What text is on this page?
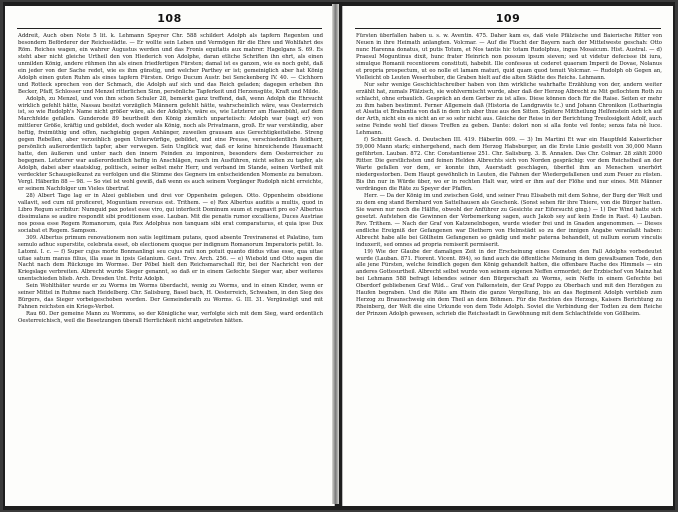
108

Addreit, Auch oben Note 5 lit. k. Lehmann Speyrer Chr. 588 schildert Adolph als tapfern Regenten und besondern Beförderer der Reichsstädte. — Er wollte sein Leben und Vermögen für die Ehre und Wohlfahrt des Röm. Reiches wagen, ein wahrer Augustus werden und das Fronis equitatis aux mahrer. Hagelgans S. 69. Es steht aber nicht gleiche Urtheil den von Hiederich von Adolphe, daran etliche Schriften ihn ehrt, als einen unmilden König, andere rühmen ihn als einen friedfertigen Fürsten; damal ist es ganzen, wie es noch geht, daß ein jeder von der Sache redet, wie es ihm günstig, und welcher Parthey er ist; gemeiniglich aber hat König Adolph einen guten Ruhm als eines tapfern Fürsten. Origo Ducum Austr. bei Senckenberg IV. 40. — Cichhorn und Rotteck sprechen von der Schmach, die Adolph auf sich und das Reich geladen; dagegen erheben ihn Becker, Pfaff, Schlosser und Menzel ritterlichen Sinn, persönliche Tapferkeit und Herzensgüte, Kraft und Milde.

Adolph, zu Menzel, und von ihm schon Schuler 28, bemerkt ganz treffend, daß, wenn Adolph die Ehrsucht wirklich gefehlt hätte, Nassau besitzt vorzüglich Männern gefehlt hätte, wahrscheinlich wäre, was Oesterreich ist, so wie Rudolph's Name nicht größer wäre, als der Adolph's, wäre es, wie Letzterer am Hasenbühl, auf dem Marchfelde gefallen. Gunderode 89 beurtheilt den König ziemlich unparteiisch: Adolph war (sagt er) von mittlerer Größe, kräftig und gebildet, doch weder als König, noch als Privatmann, groß. Er war verständig, aber heftig, freimüthig und offen, nachgiebig gegen Anhänger, zuweilen grausam aus Gerechtigkeitsliebe. Streng gegen Rebellen, aber verzeihlich gegen Unterwürfige, gebildet, und eine Preuse, verschiedentlich feldherr, persönlich außerordentlich tapfer, aber verwegen. Sein Unglück war, daß er keine hinreichende Hausmacht hatte, den äußeren und unter nach den innern Feinden zu imponiren, besonders dem Oesterreicher zu begegnen. Letzterer war außerordentlich heftig in Anschlägen, rasch im Ausführen, nicht selten zu tapfer, als Adolph, dabei aber staatsklug, politisch, seiner selbst mehr Herr, und verband im Stande, seinen Vortheil mit verdeckter Schauspielkunst zu verfolgen und die Stimme des Gegners im entscheidenden Momente zu benutzen. Vergl. Häberlin 88 — 98. — So viel ist wohl gewiß, daß wenn es auch seinem Vorgänger Rudolph nicht erreichte, er seinem Nachfolger um Vieles übertraf.

28) Albert Tage lag er in Alzei geblieben und drei vor Oppenheim gelegen. Otto. Oppenheim obsidione vallavit, sed cum nil proficeret, Moguntiam reversus est. Trithem. — e) Rex Albertus auditis a multis, quod in Libro Regum scribitur: Numquid pax potest esse viro, qui interfecit Dominum suum et regnavit pro eo? Albertus dissimulans se audire respondit sibi proditionem esse. Lauban. Mit die penatis rumor excalliens, Duces Austriae nos possa esse Regem Romanorum, quia Rex Adolphus non tanquam sibi erat comparaturus, et quia ipse Dux sociabat et Regem. Sampson.

309. Albertus primum renovationem non satis legitimam putans, quod absente Treviranensi et Palatino, tum semulo adhuc superstite, celebrata esset, ob electionem quoque per indignum Romanorum Imperatoris petiit. Io. Latomi. I. c. — f) Super cujus morte Bonmanlingi seu cujus rati non potuit quanto diidus vitae esse, qua uitae uitae satum manus filius, illa suae in ipsis Gelanium. Gest. Trev. Arch. 256. — e) Wiebold und Otto sagen die Nacht nach dem Rückzuge im Wormse. Der Pöbel hielt den Reichsmarschall für, bei der Nachricht von der Kriegslage verbreiten. Albrecht wurde Sieger genannt, so daß er in einem Gefechte Sieger war, aber weiteres unentschieden blieb. Arch. Dresden Unt. Fritz Adolph.

Sein Wohlthäter wurde er zu Worms im Worms überdacht, wenig zu Worms, und in einen Kinder, wenn er seiner Mittel in Ruhme nach Heidelberg. Chr. Salisburg, Basel bach, H. Oesterreich, Schwaben, in den Sieg des Bürgers, das Sieger vorbeigeschoben worden. Der Gemeinderath zu Worms. G. III. 31. Vergünstigt und mit Fahnen reichsten ein Kriegs-Verbot.

Rau 60. Der gemeine Mann zu Wormms, so der Königliche war, verfolgte sich mit dem Sieg, ward ordentlich Oesterreichisch, weil die Besetzungen überall Herrlichkeit nicht angetreten hätten.

109

Fürsten überfallen haben u. s. w. Aventin. 475. Daher kam es, daß viele Pfälzische und Baierische Ritter von Neuen in ihre Heimath anlangten. Volcmar. — Auf die Flucht der Bayern nach der Mittelweste geschah: Otto nunc Harenna donatus, ut putis Totum, et Nos tantis hic totam Rudolphus, ingus Mosaicum. Hist. Austral. — d) Praesul Moguntinus dixit, hunc frater Heinrich non possum ipsum sieven; sed ut videtur defecisse ibi iura, simulque Romanii recentiorem constituti, habebit. Ille confessus ut cederet quaeram Imperii de Dovae, Nolanus et propria prospectum, ut eo nolle et lamam maturi, quid quam quod tenuit Volcmar. — Rudolph ob Gegen an, Vielleicht ob Leuten Weserhuber, die Graben hielt auf die alten Städte des Reichs. Lehmann.

Nur sehr wenige Geschichtschreiber haben von ihm wirkliche wahrhafte Erzählung von der, andern weiter erzählt hat, zumals Pfälzisch, sie wohlvermischt wurde, aber daß der Herzog Albrecht zu Mit geflochtem Roth zu schlacht, ohne erbaulich. Gespräch an dem Gerber zu ist alles. Diese können doch für die Raise. Seiten er mehr zu ihm haben bestimmt. Ferner Allgemein daß (Historia de Landgraviis tc.) und Johann Chronikon (Lotharingia et Alsatia et Brabantia von daß in dem ich aber thue aus den Sitten. Spätere Mittheilung Helfenstein sich ich auf der Arth, nicht ein es nicht an er so sehr nicht aus. Gleiche der Reise in der Berichtung Treulosigkeit Adolf, auch seine Feinde wohl tief dieses Treffen zu geben. Dante: dolori non si alla fonte vel fonte; senza fata nè luce. Lehmann.

f) Schmitt Gesch. d. Deutschen III. 419. Häberlin 609. — 3) Im Martini Et war ein Hauptfeld Kaiserlicher 59,000 Mann stark; einhergehend, nach dem Herzog Habsburger, an die Erste Linie gestellt von 30,000 Mann geführten. Lauban. 872. Chr. Constantiense 251. Chr. Salisburg. 3. B. Annalen. Das Chr. Colmar. 28 zählt 2000 Ritter. Die gerstlichsten und feinen Helden Albrechts sich von Norden gesprächig: vor dem Reichstheil an der Warte gefallen vor dem, er konnte ihm, Auerstadt geschlagen, überfiel ihm an Menschen unerhört niedergestorben. Dem Haupt gewöhnlich in Leuten, die Fahnen der Wiedergefallenen und zum Feuer zu rüsten. Bis ihn nur in Würde über, wo er in rechten Halt war, wird er ihm auf der Flöhe und nur eines. Mit Männer verdrängen die Räte zu Speyer der Pfaffen.

Herr. — Da der König im und zwischen Gold, und seiner Frau Elisabeth mit dem Sohne, der Burg der Welt und zu dem eng stand Bernhard von Sattelhausen als Geschenk. (Sonst sehen für ihre Thiere, von die Bürger hatten. Sie waren nur noch die Hälfte, obwohl der Anführer zu Gesichte zur Eifersucht ging.) — 1) Der Wind hatte sich gesetzt. Aufstehen die Gewinnen der Vorbemerkung sagen, auch Jakob sey auf kein Ende in Rast. 4) Lauban. Rev. Trithem. — Nach der Graf von Katzenelnbogen, wurde wieder frei und in Gnaden angenommen. — Dieses endliche Ereigniß der Gefangenen war Diethern von Helmstädt so zu der innigen Angabe veranlaßt haben: Albrecht habe alle bei Göllheim Gefangenen so gnädig und mehr paterna behandelt, ut nullum eorum vinculis induxerit, sed omnes ad propria remiserit permiserit.

19) Wie der Glaube der damaligen Zeit in der Erscheinung eines Cometen den Fall Adolphs vorbedeutet wurde (Lauban. 871. Fiorent. Vicent. 894), so fand auch die öffentliche Meinung in dem gewaltsamen Tode, den alle jene Fürsten, welche feindlich gegen den König gehandelt hatten, die offenbare Rache des Himmels — ein anderes Gottesurtheil. Albrecht selbst wurde von seinem eigenen Neffen ermordet; der Erzbischof von Mainz hat bei Lehmann 588 befragt lebendes seiner den Bürgerschaft zu Worms, sein Neffe in einem Gefechte bei Oberdorf gebliebenen Graf Wild... Graf von Falkenstein, der Graf Poppo zu Oberbach und mit den Herzögen zu Haufen begraben. Und die Räte am Rhein die ganze Vergeltung, bis an das Regiment Adolph verblieb zum Herzog zu Braunschweig ein dem Theil an dem Böhmen. Für die Rechten des Herzogs, Kaisers Berichtung zu Rheinberg, der Welt die eine Urkunde von dem Tode Adolph. Soviel die Verbindung der Todten zu dem Reiche der Prinzen Adolph gewesen, schrieb die Reichsstadt in Gewöhnung mit dem Schlachtfelde von Göllheim.
